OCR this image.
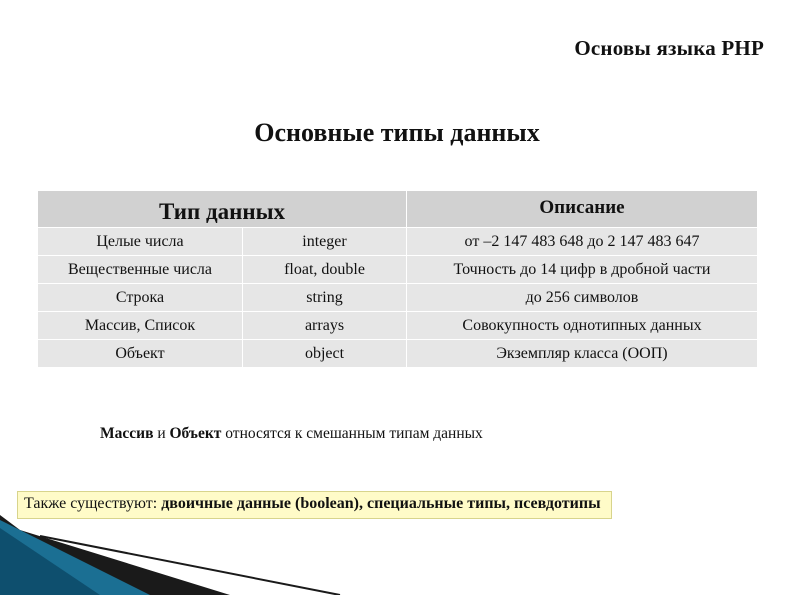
Основы языка PHP
Основные типы данных
Тип данных		Описание
Целые числа	integer	от –2 147 483 648 до 2 147 483 647
Вещественные числа	float, double	Точность до 14 цифр в дробной части
Строка	string	до 256 символов
Массив, Список	arrays	Совокупность однотипных данных
Объект	object	Экземпляр класса (ООП)
Массив и Объект относятся к смешанным типам данных
Также существуют: двоичные данные (boolean), специальные типы, псевдотипы
